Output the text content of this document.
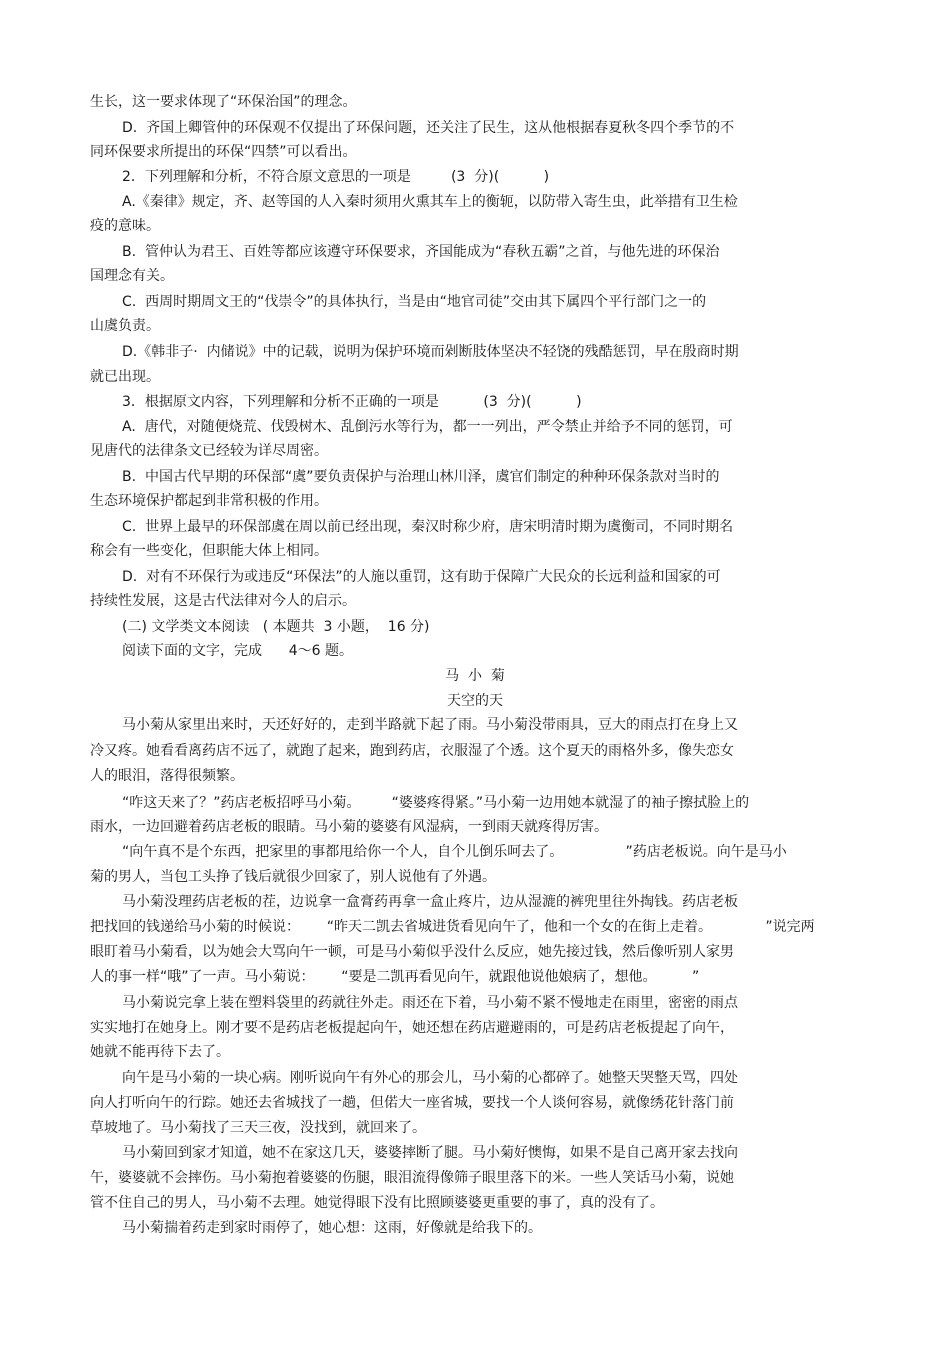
生长，这一要求体现了“环保治国”的理念。
D.  齐国上卿管仲的环保观不仅提出了环保问题，还关注了民生，这从他根据春夏秋冬四个季节的不
同环保要求所提出的环保“四禁”可以看出。
2．下列理解和分析，不符合原文意思的一项是         (3  分)(          )
A.《秦律》规定，齐、赵等国的人入秦时须用火熏其车上的衡轭，以防带入寄生虫，此举措有卫生检
疫的意味。
B.  管仲认为君王、百姓等都应该遵守环保要求，齐国能成为“春秋五霸”之首，与他先进的环保治
国理念有关。
C.  西周时期周文王的“伐崇令”的具体执行，当是由“地官司徒”交由其下属四个平行部门之一的
山虞负责。
D.《韩非子·  内储说》中的记载，说明为保护环境而剁断肢体坚决不轻饶的残酷惩罚，早在殷商时期
就已出现。
3．根据原文内容，下列理解和分析不正确的一项是          (3  分)(          )
A.  唐代，对随便烧荒、伐毁树木、乱倒污水等行为，都一一列出，严令禁止并给予不同的惩罚，可
见唐代的法律条文已经较为详尽周密。
B.  中国古代早期的环保部“虞”要负责保护与治理山林川泽，虞官们制定的种种环保条款对当时的
生态环境保护都起到非常积极的作用。
C.  世界上最早的环保部虞在周以前已经出现，秦汉时称少府，唐宋明清时期为虞衡司，不同时期名
称会有一些变化，但职能大体上相同。
D.  对有不环保行为或违反“环保法”的人施以重罚，这有助于保障广大民众的长远利益和国家的可
持续性发展，这是古代法律对今人的启示。
(二) 文学类文本阅读   ( 本题共  3 小题，  16 分)
阅读下面的文字，完成      4～6 题。
马  小  菊
天空的天
马小菊从家里出来时，天还好好的，走到半路就下起了雨。马小菊没带雨具，豆大的雨点打在身上又
冷又疼。她看看离药店不远了，就跑了起来，跑到药店，衣服湿了个透。这个夏天的雨格外多，像失恋女
人的眼泪，落得很频繁。
“咋这天来了？”药店老板招呼马小菊。       “婆婆疼得紧。”马小菊一边用她本就湿了的袖子擦拭脸上的
雨水，一边回避着药店老板的眼睛。马小菊的婆婆有风湿病，一到雨天就疼得厉害。
“向午真不是个东西，把家里的事都甩给你一个人，自个儿倒乐呵去了。              ”药店老板说。向午是马小
菊的男人，当包工头挣了钱后就很少回家了，别人说他有了外遇。
马小菊没理药店老板的茬，边说拿一盒膏药再拿一盒止疼片，边从湿漉的裤兜里往外掏钱。药店老板
把找回的钱递给马小菊的时候说：      “昨天二凯去省城进货看见向午了，他和一个女的在街上走着。            ”说完两
眼盯着马小菊看，以为她会大骂向午一顿，可是马小菊似乎没什么反应，她先接过钱，然后像听别人家男
人的事一样“哦”了一声。马小菊说：      “要是二凯再看见向午，就跟他说他娘病了，想他。        ”
马小菊说完拿上装在塑料袋里的药就往外走。雨还在下着，马小菊不紧不慢地走在雨里，密密的雨点
实实地打在她身上。刚才要不是药店老板提起向午，她还想在药店避避雨的，可是药店老板提起了向午，
她就不能再待下去了。
向午是马小菊的一块心病。刚听说向午有外心的那会儿，马小菊的心都碎了。她整天哭整天骂，四处
向人打听向午的行踪。她还去省城找了一趟，但偌大一座省城，要找一个人谈何容易，就像绣花针落门前
草坡地了。马小菊找了三天三夜，没找到，就回来了。
马小菊回到家才知道，她不在家这几天，婆婆摔断了腿。马小菊好懊悔，如果不是自己离开家去找向
午，婆婆就不会摔伤。马小菊抱着婆婆的伤腿，眼泪流得像筛子眼里落下的米。一些人笑话马小菊，说她
管不住自己的男人，马小菊不去理。她觉得眼下没有比照顾婆婆更重要的事了，真的没有了。
马小菊揣着药走到家时雨停了，她心想：这雨，好像就是给我下的。
